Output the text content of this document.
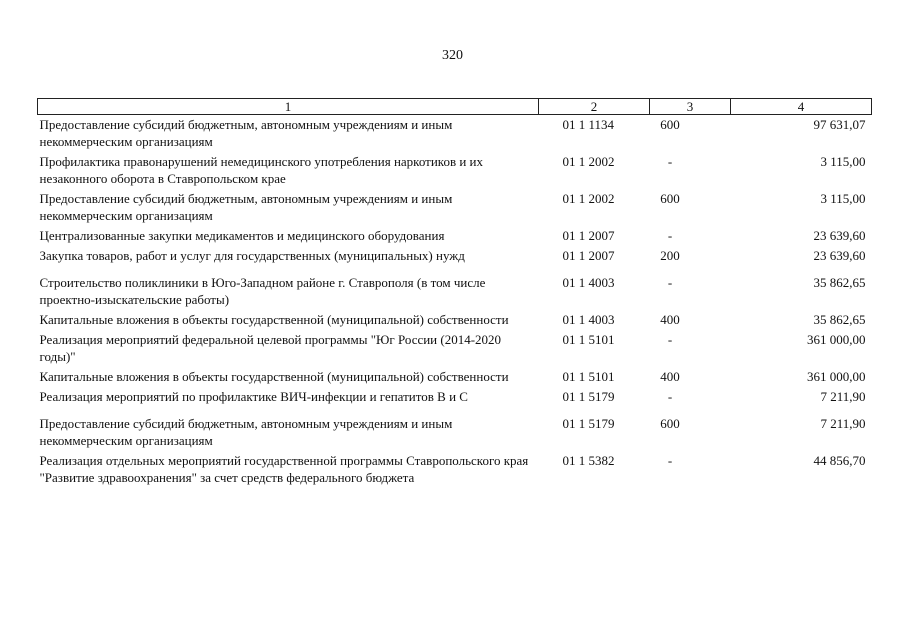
320
1	2	3	4
Предоставление субсидий бюджетным, автономным учреждениям и иным некоммерческим организациям	01 1 1134	600	97 631,07
Профилактика правонарушений немедицинского употребления наркотиков и их незаконного оборота в Ставропольском крае	01 1 2002	-	3 115,00
Предоставление субсидий бюджетным, автономным учреждениям и иным некоммерческим организациям	01 1 2002	600	3 115,00
Централизованные закупки медикаментов и медицинского оборудования	01 1 2007	-	23 639,60
Закупка товаров, работ и услуг для государственных (муниципальных) нужд	01 1 2007	200	23 639,60
Строительство поликлиники в Юго-Западном районе г. Ставрополя (в том числе проектно-изыскательские работы)	01 1 4003	-	35 862,65
Капитальные вложения в объекты государственной (муниципальной) собственности	01 1 4003	400	35 862,65
Реализация мероприятий федеральной целевой программы "Юг России (2014-2020 годы)"	01 1 5101	-	361 000,00
Капитальные вложения в объекты государственной (муниципальной) собственности	01 1 5101	400	361 000,00
Реализация мероприятий по профилактике ВИЧ-инфекции и гепатитов В и С	01 1 5179	-	7 211,90
Предоставление субсидий бюджетным, автономным учреждениям и иным некоммерческим организациям	01 1 5179	600	7 211,90
Реализация отдельных мероприятий государственной программы Ставропольского края "Развитие здравоохранения" за счет средств федерального бюджета	01 1 5382	-	44 856,70
